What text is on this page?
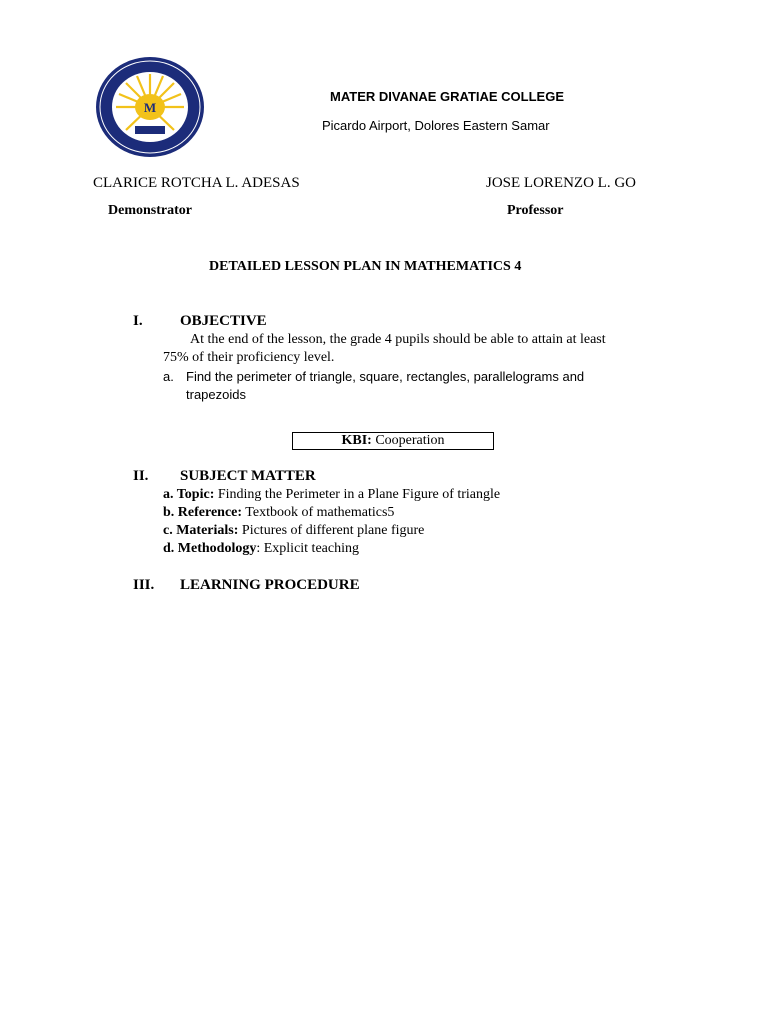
M
MATER DIVANAE GRATIAE COLLEGE
Picardo Airport, Dolores Eastern Samar
CLARICE ROTCHA L. ADESAS	JOSE LORENZO L. GO
Demonstrator	Professor
DETAILED LESSON PLAN IN MATHEMATICS 4
I. OBJECTIVE
At the end of the lesson, the grade 4 pupils should be able to attain at least
75% of their proficiency level.
a. Find the perimeter of triangle, square, rectangles, parallelograms and
trapezoids
KBI: Cooperation
II. SUBJECT MATTER
a. Topic: Finding the Perimeter in a Plane Figure of triangle
b. Reference: Textbook of mathematics5
c. Materials: Pictures of different plane figure
d. Methodology: Explicit teaching
III. LEARNING PROCEDURE
